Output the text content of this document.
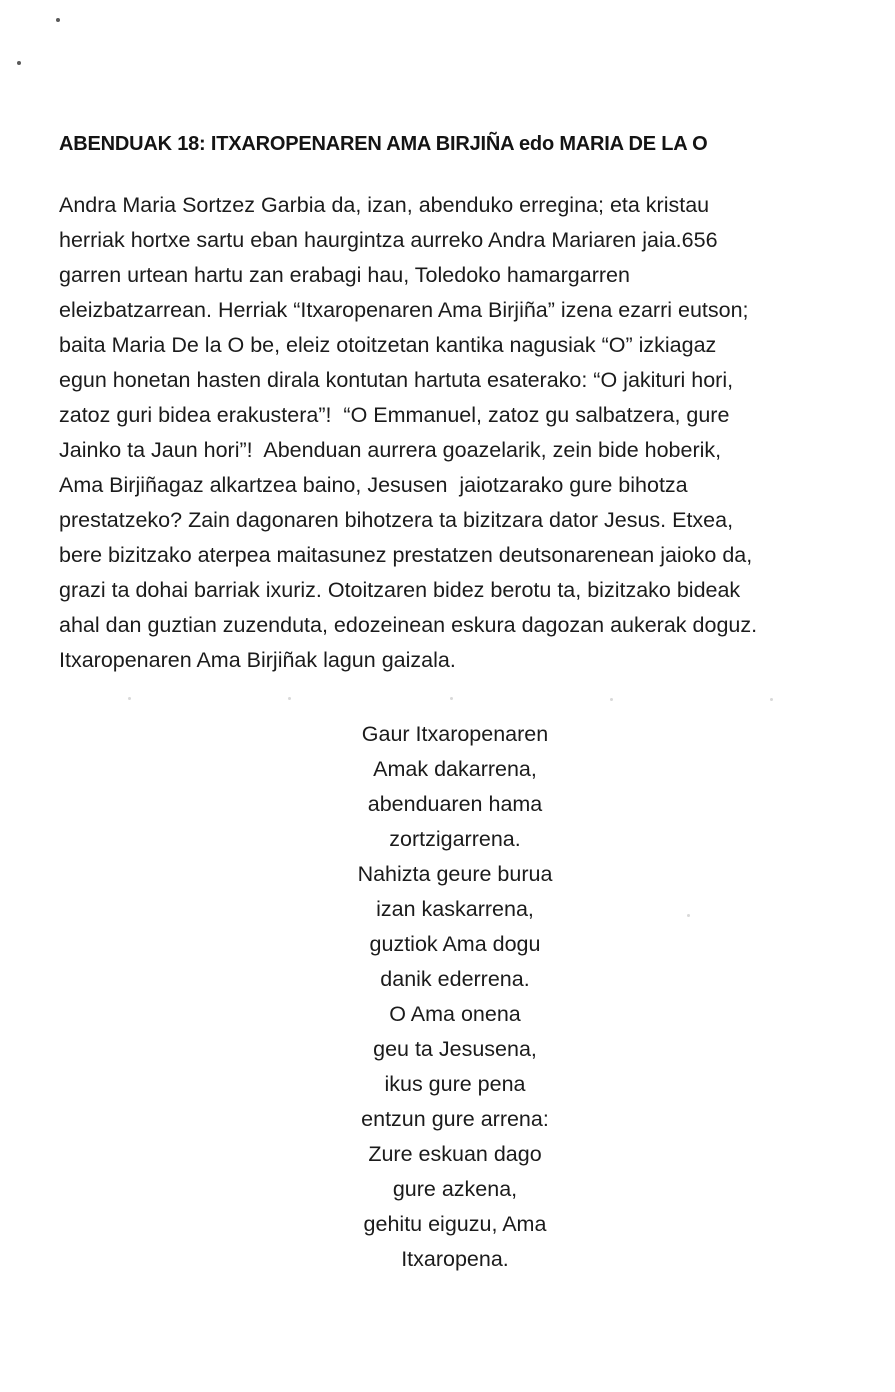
ABENDUAK 18: ITXAROPENAREN AMA BIRJIÑA edo MARIA DE LA O
Andra Maria Sortzez Garbia da, izan, abenduko erregina; eta kristau
herriak hortxe sartu eban haurgintza aurreko Andra Mariaren jaia.656
garren urtean hartu zan erabagi hau, Toledoko hamargarren
eleizbatzarrean. Herriak “Itxaropenaren Ama Birjiña” izena ezarri eutson;
baita Maria De la O be, eleiz otoitzetan kantika nagusiak “O” izkiagaz
egun honetan hasten dirala kontutan hartuta esaterako: “O jakituri hori,
zatoz guri bidea erakustera”!  “O Emmanuel, zatoz gu salbatzera, gure
Jainko ta Jaun hori”!  Abenduan aurrera goazelarik, zein bide hoberik,
Ama Birjiñagaz alkartzea baino, Jesusen  jaiotzarako gure bihotza
prestatzeko? Zain dagonaren bihotzera ta bizitzara dator Jesus. Etxea,
bere bizitzako aterpea maitasunez prestatzen deutsonarenean jaioko da,
grazi ta dohai barriak ixuriz. Otoitzaren bidez berotu ta, bizitzako bideak
ahal dan guztian zuzenduta, edozeinean eskura dagozan aukerak doguz.
Itxaropenaren Ama Birjiñak lagun gaizala.
Gaur Itxaropenaren
Amak dakarrena,
abenduaren hama
zortzigarrena.
Nahizta geure burua
izan kaskarrena,
guztiok Ama dogu
danik ederrena.
O Ama onena
geu ta Jesusena,
ikus gure pena
entzun gure arrena:
Zure eskuan dago
gure azkena,
gehitu eiguzu, Ama
Itxaropena.
